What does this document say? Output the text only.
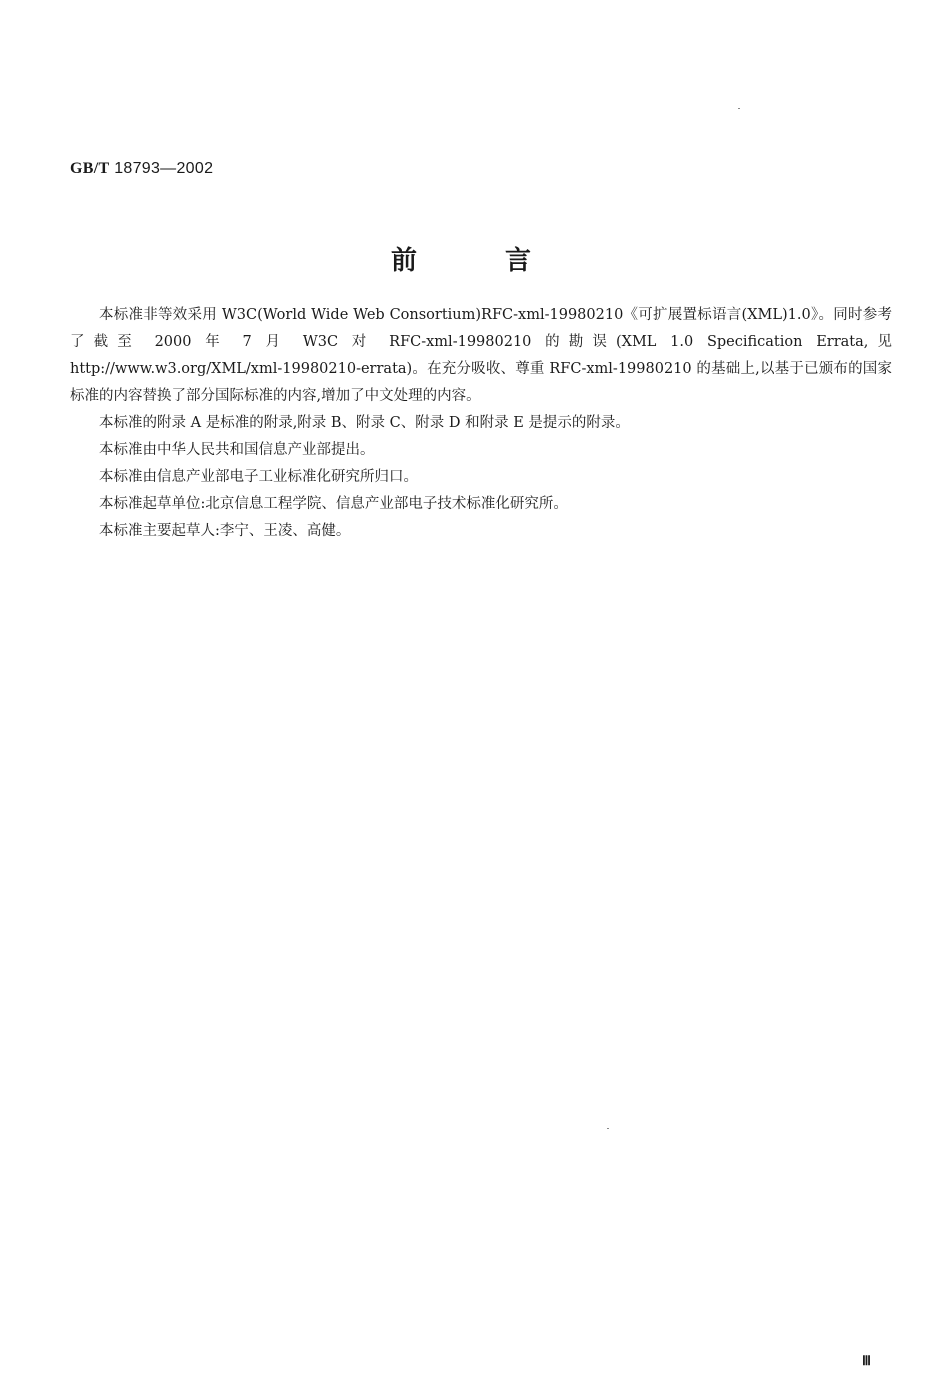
GB/T 18793—2002
前言

本标准非等效采用 W3C(World Wide Web Consortium)RFC-xml-19980210《可扩展置标语言(XML)1.0》。同时参考了截至 2000 年 7 月 W3C 对 RFC-xml-19980210 的勘误(XML 1.0 Specification Errata,见 http://www.w3.org/XML/xml-19980210-errata)。在充分吸收、尊重 RFC-xml-19980210 的基础上,以基于已颁布的国家标准的内容替换了部分国际标准的内容,增加了中文处理的内容。

本标准的附录 A 是标准的附录,附录 B、附录 C、附录 D 和附录 E 是提示的附录。

本标准由中华人民共和国信息产业部提出。

本标准由信息产业部电子工业标准化研究所归口。

本标准起草单位:北京信息工程学院、信息产业部电子技术标准化研究所。

本标准主要起草人:李宁、王凌、高健。

Ⅲ
